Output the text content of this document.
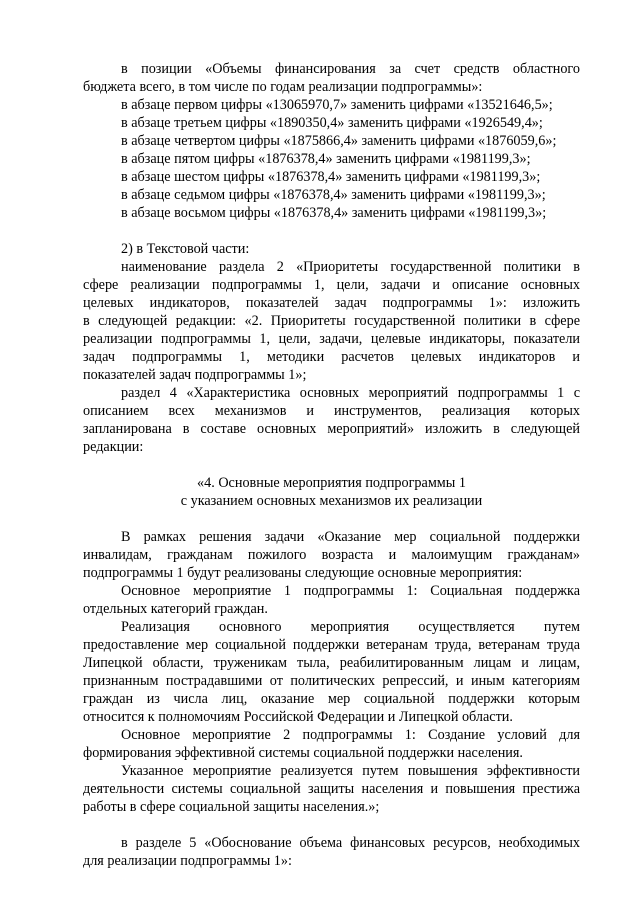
в позиции «Объемы финансирования за счет средств областного
бюджета всего, в том числе по годам реализации подпрограммы»:
в абзаце первом цифры «13065970,7» заменить цифрами «13521646,5»;
в абзаце третьем цифры «1890350,4» заменить цифрами «1926549,4»;
в абзаце четвертом цифры «1875866,4» заменить цифрами «1876059,6»;
в абзаце пятом цифры «1876378,4» заменить цифрами «1981199,3»;
в абзаце шестом цифры «1876378,4» заменить цифрами «1981199,3»;
в абзаце седьмом цифры «1876378,4» заменить цифрами «1981199,3»;
в абзаце восьмом цифры «1876378,4» заменить цифрами «1981199,3»;
2) в Текстовой части:
наименование раздела 2 «Приоритеты государственной политики в
сфере реализации подпрограммы 1, цели, задачи и описание основных
целевых индикаторов, показателей задач подпрограммы 1»: изложить
в следующей редакции: «2. Приоритеты государственной политики в сфере
реализации подпрограммы 1, цели, задачи, целевые индикаторы, показатели
задач подпрограммы 1, методики расчетов целевых индикаторов и
показателей задач подпрограммы 1»;
раздел 4 «Характеристика основных мероприятий подпрограммы 1 с
описанием всех механизмов и инструментов, реализация которых
запланирована в составе основных мероприятий» изложить в следующей
редакции:
«4. Основные мероприятия подпрограммы 1
с указанием основных механизмов их реализации
В рамках решения задачи «Оказание мер социальной поддержки
инвалидам, гражданам пожилого возраста и малоимущим гражданам»
подпрограммы 1 будут реализованы следующие основные мероприятия:
Основное мероприятие 1 подпрограммы 1: Социальная поддержка
отдельных категорий граждан.
Реализация основного мероприятия осуществляется путем
предоставление мер социальной поддержки ветеранам труда, ветеранам труда
Липецкой области, труженикам тыла, реабилитированным лицам и лицам,
признанным пострадавшими от политических репрессий, и иным категориям
граждан из числа лиц, оказание мер социальной поддержки которым
относится к полномочиям Российской Федерации и Липецкой области.
Основное мероприятие 2 подпрограммы 1: Создание условий для
формирования эффективной системы социальной поддержки населения.
Указанное мероприятие реализуется путем повышения эффективности
деятельности системы социальной защиты населения и повышения престижа
работы в сфере социальной защиты населения.»;
в разделе 5 «Обоснование объема финансовых ресурсов, необходимых
для реализации подпрограммы 1»:
